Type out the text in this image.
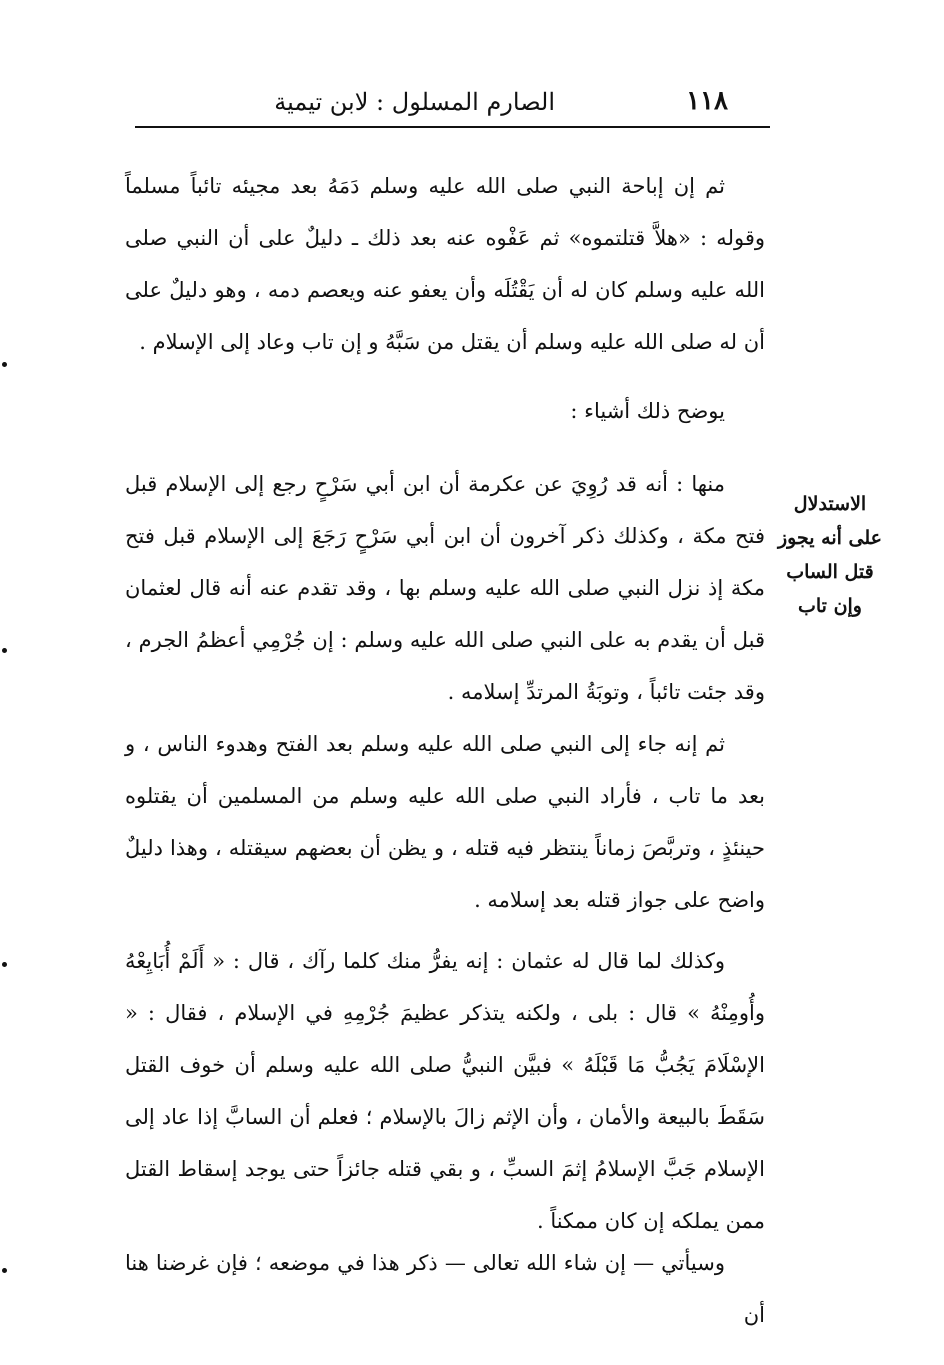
١١٨
الصارم المسلول : لابن تيمية

ثم إن إباحة النبي صلى الله عليه وسلم دَمَهُ بعد مجيئه تائباً مسلماً وقوله : «هلاَّ قتلتموه» ثم عَفْوه عنه بعد ذلك ـ دليلٌ على أن النبي صلى الله عليه وسلم كان له أن يَقْتُلَه وأن يعفو عنه ويعصم دمه ، وهو دليلٌ على أن له صلى الله عليه وسلم أن يقتل من سَبَّهُ و إن تاب وعاد إلى الإسلام .

يوضح ذلك أشياء :

الاستدلال
على أنه يجوز
قتل الساب
وإن تاب

منها : أنه قد رُوِيَ عن عكرمة أن ابن أبي سَرْحٍ رجع إلى الإسلام قبل فتح مكة ، وكذلك ذكر آخرون أن ابن أبي سَرْحٍ رَجَعَ إلى الإسلام قبل فتح مكة إذ نزل النبي صلى الله عليه وسلم بها ، وقد تقدم عنه أنه قال لعثمان قبل أن يقدم به على النبي صلى الله عليه وسلم : إن جُرْمِي أعظمُ الجرم ، وقد جئت تائباً ، وتوبَةُ المرتدِّ إسلامه .

ثم إنه جاء إلى النبي صلى الله عليه وسلم بعد الفتح وهدوء الناس ، و بعد ما تاب ، فأراد النبي صلى الله عليه وسلم من المسلمين أن يقتلوه حينئذٍ ، وتربَّصَ زماناً ينتظر فيه قتله ، و يظن أن بعضهم سيقتله ، وهذا دليلٌ واضح على جواز قتله بعد إسلامه .

وكذلك لما قال له عثمان : إنه يفرُّ منك كلما رآك ، قال : « أَلَمْ أُبَايِعْهُ وأُومِنْهُ » قال : بلى ، ولكنه يتذكر عظيمَ جُرْمِهِ في الإسلام ، فقال : « الإسْلَامَ يَجُبُّ مَا قَبْلَهُ » فبيَّن النبيُّ صلى الله عليه وسلم أن خوف القتل سَقَطَ بالبيعة والأمان ، وأن الإثم زالَ بالإسلام ؛ فعلم أن السابَّ إذا عاد إلى الإسلام جَبَّ الإسلامُ إثمَ السبِّ ، و بقي قتله جائزاً حتى يوجد إسقاط القتل ممن يملكه إن كان ممكناً .

وسيأتي — إن شاء الله تعالى — ذكر هذا في موضعه ؛ فإن غرضنا هنا أن
